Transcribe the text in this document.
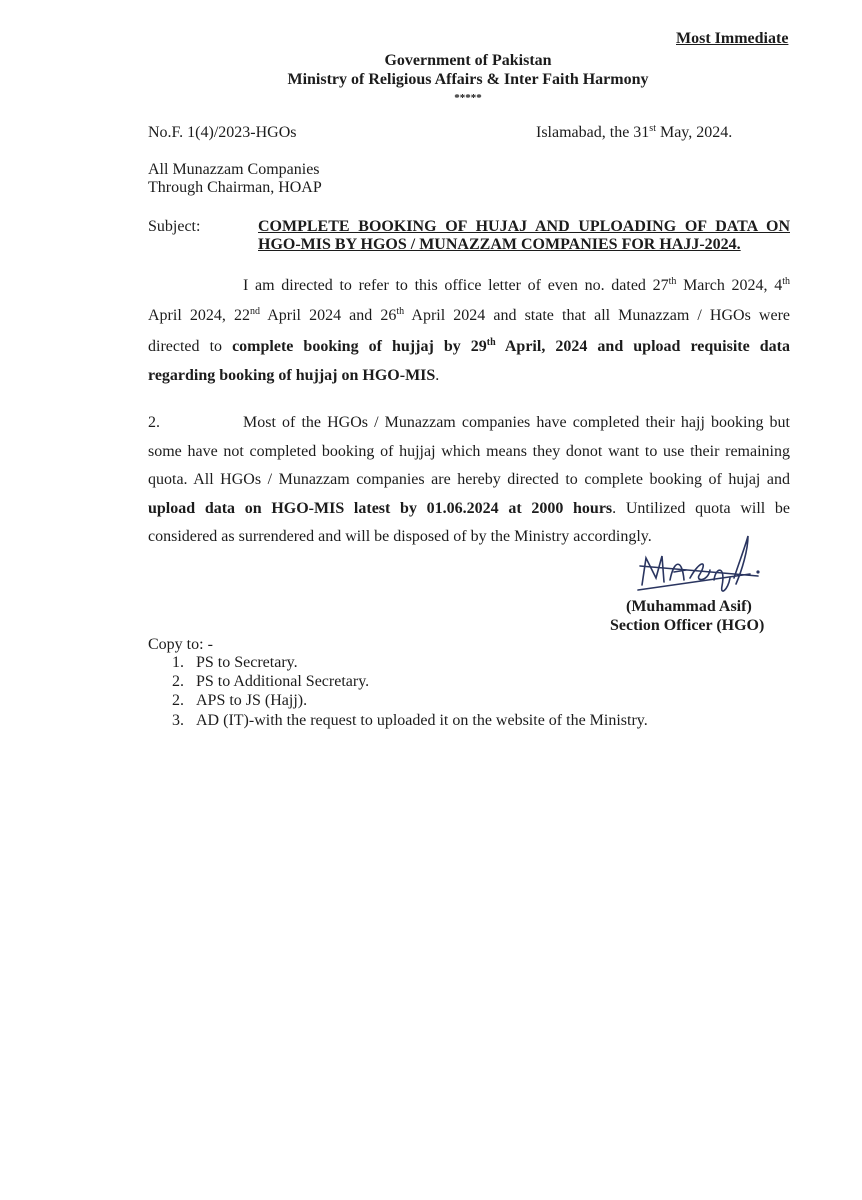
Most Immediate
Government of Pakistan
Ministry of Religious Affairs & Inter Faith Harmony
*****
No.F. 1(4)/2023-HGOs	Islamabad, the 31st May, 2024.
All Munazzam Companies
Through Chairman, HOAP
Subject:	COMPLETE BOOKING OF HUJAJ AND UPLOADING OF DATA ON
HGO-MIS BY HGOS / MUNAZZAM COMPANIES FOR HAJJ-2024.
I am directed to refer to this office letter of even no. dated 27th March 2024, 4th
April 2024, 22nd April 2024 and 26th April 2024 and state that all Munazzam / HGOs were
directed to complete booking of hujjaj by 29th April, 2024 and upload requisite data
regarding booking of hujjaj on HGO-MIS.
2.	Most of the HGOs / Munazzam companies have completed their hajj booking but
some have not completed booking of hujjaj which means they donot want to use their remaining
quota. All HGOs / Munazzam companies are hereby directed to complete booking of hujaj and
upload data on HGO-MIS latest by 01.06.2024 at 2000 hours. Untilized quota will be
considered as surrendered and will be disposed of by the Ministry accordingly.
(Muhammad Asif)
Section Officer (HGO)
Copy to: -
1. PS to Secretary.
2. PS to Additional Secretary.
2. APS to JS (Hajj).
3. AD (IT)-with the request to uploaded it on the website of the Ministry.
